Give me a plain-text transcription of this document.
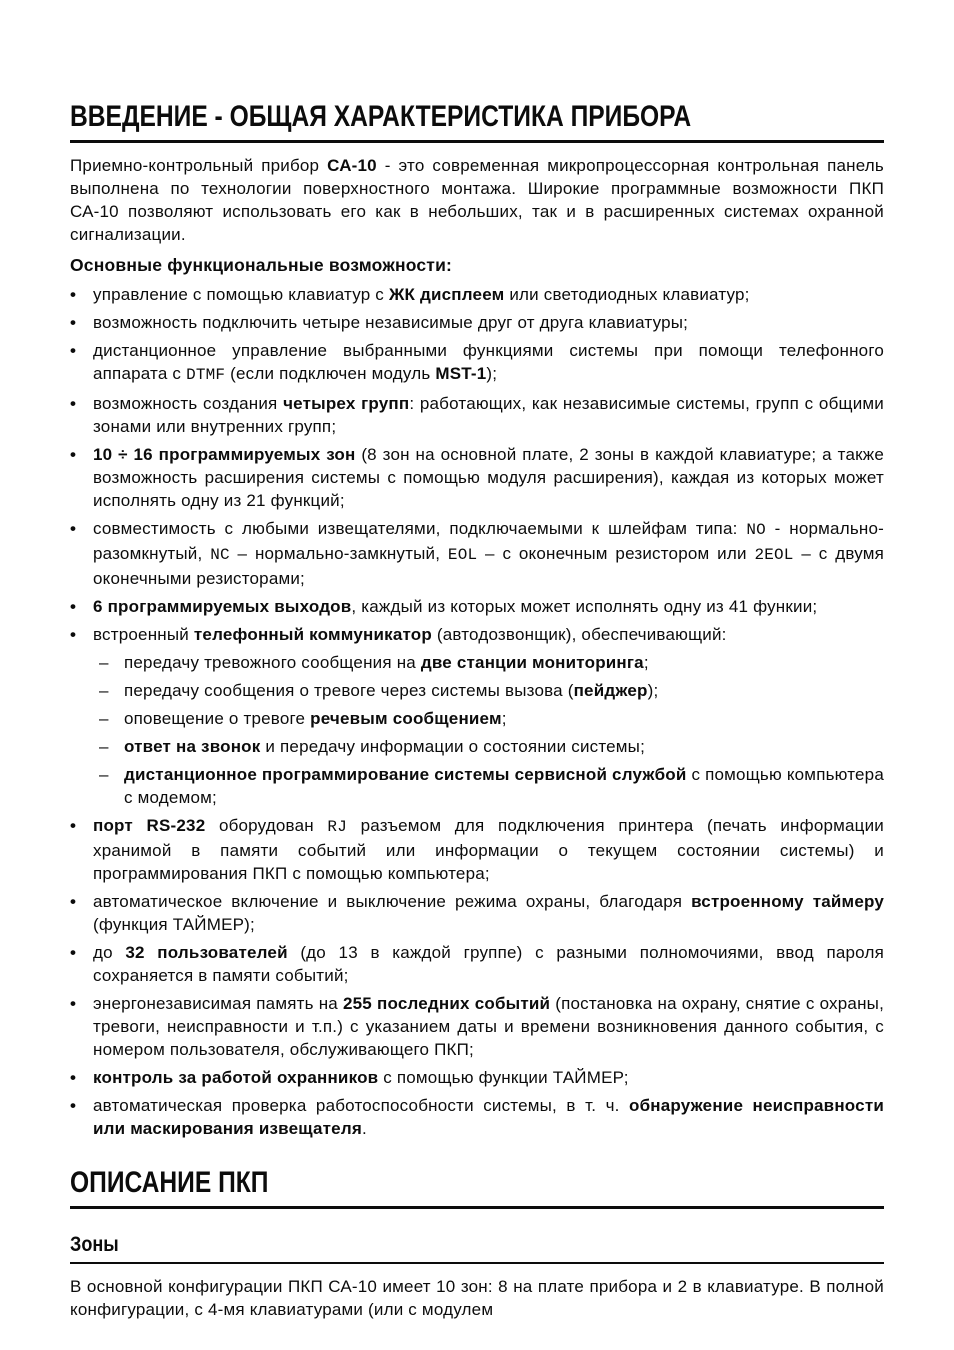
ВВЕДЕНИЕ - ОБЩАЯ ХАРАКТЕРИСТИКА ПРИБОРА

Приемно-контрольный прибор СА-10 - это современная микропроцессорная контрольная панель выполнена по технологии поверхностного монтажа. Широкие программные возможности ПКП СА-10 позволяют использовать его как в небольших, так и в расширенных системах охранной сигнализации.

Основные функциональные возможности:

• управление с помощью клавиатур с ЖК дисплеем или светодиодных клавиатур;
• возможность подключить четыре независимые друг от друга клавиатуры;
• дистанционное управление выбранными функциями системы при помощи телефонного аппарата с DTMF (если подключен модуль MST-1);
• возможность создания четырех групп: работающих, как независимые системы, групп с общими зонами или внутренних групп;
• 10 ÷ 16 программируемых зон (8 зон на основной плате, 2 зоны в каждой клавиатуре; а также возможность расширения системы с помощью модуля расширения), каждая из которых может исполнять одну из 21 функций;
• совместимость с любыми извещателями, подключаемыми к шлейфам типа: NO - нормально-разомкнутый, NC – нормально-замкнутый, EOL – с оконечным резистором или 2EOL – с двумя оконечными резисторами;
• 6 программируемых выходов, каждый из которых может исполнять одну из 41 функии;
• встроенный телефонный коммуникатор (автодозвонщик), обеспечивающий:
– передачу тревожного сообщения на две станции мониторинга;
– передачу сообщения о тревоге через системы вызова (пейджер);
– оповещение о тревоге речевым сообщением;
– ответ на звонок и передачу информации о состоянии системы;
– дистанционное программирование системы сервисной службой с помощью компьютера с модемом;
• порт RS-232 оборудован RJ разъемом для подключения принтера (печать информации хранимой в памяти событий или информации о текущем состоянии системы) и программирования ПКП с помощью компьютера;
• автоматическое включение и выключение режима охраны, благодаря встроенному таймеру (функция ТАЙМЕР);
• до 32 пользователей (до 13 в каждой группе) с разными полномочиями, ввод пароля сохраняется в памяти событий;
• энергонезависимая память на 255 последних событий (постановка на охрану, снятие с охраны, тревоги, неисправности и т.п.) с указанием даты и времени возникновения данного события, с номером пользователя, обслуживающего ПКП;
• контроль за работой охранников с помощью функции ТАЙМЕР;
• автоматическая проверка работоспособности системы, в т. ч. обнаружение неисправности или маскирования извещателя.
ОПИСАНИЕ ПКП
Зоны

В основной конфигурации ПКП СА-10 имеет 10 зон: 8 на плате прибора и 2 в клавиатуре. В полной конфигурации, с 4-мя клавиатурами (или с модулем
